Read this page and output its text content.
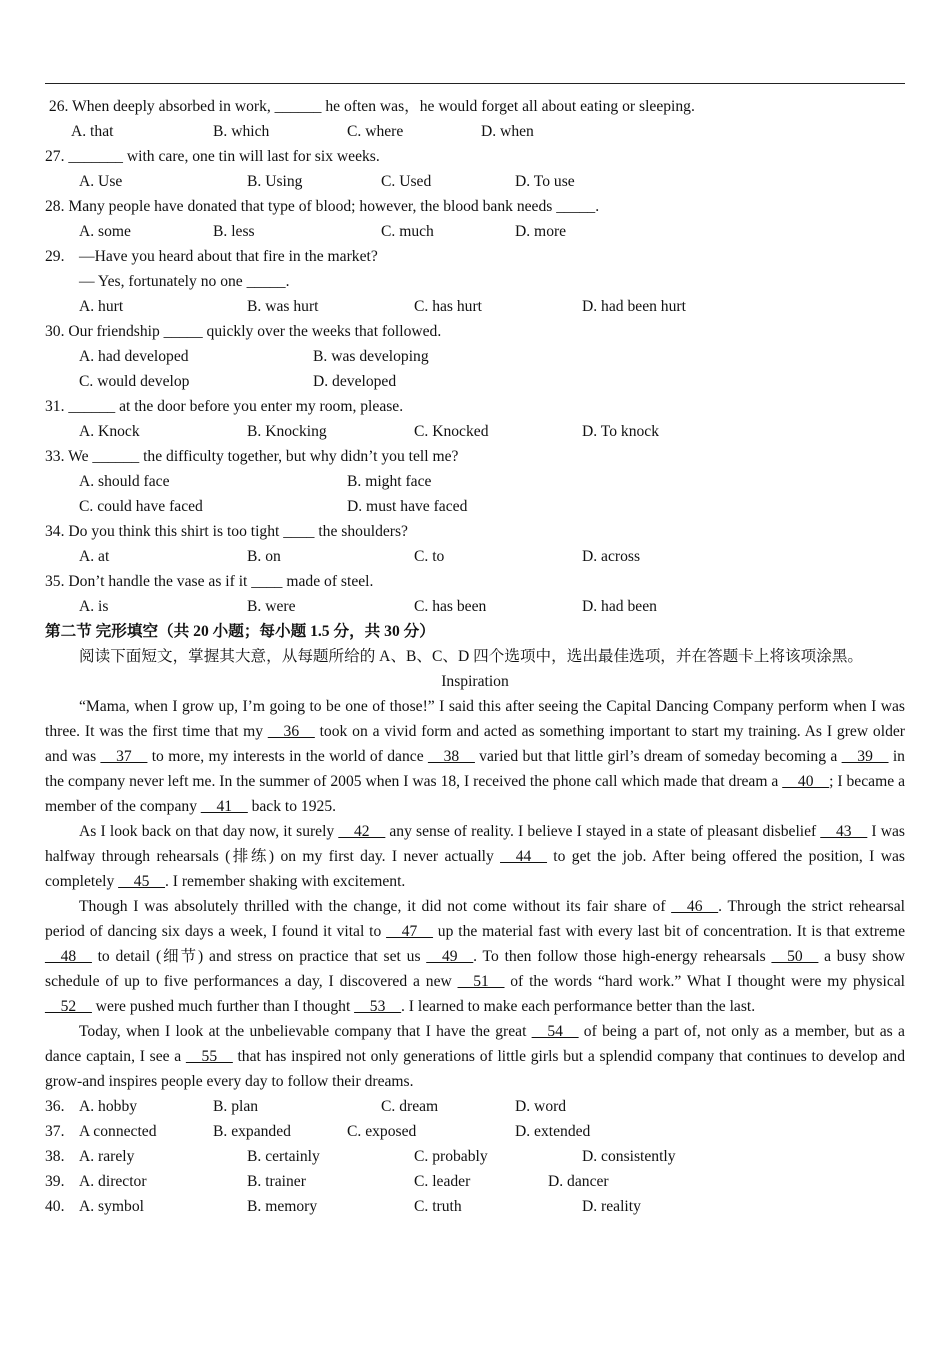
26. When deeply absorbed in work, ______ he often was，he would forget all about eating or sleeping.

A. that

	B. which

	C. where

	D. when

27. _______ with care, one tin will last for six weeks.

A. Use

	B. Using

	C. Used

	D. To use

28. Many people have donated that type of blood; however, the blood bank needs _____.

A. some

	B. less

	C. much

	D. more

29.

—Have you heard about that fire in the market?

— Yes, fortunately no one _____.

A. hurt

	B. was hurt

	C. has hurt

	D. had been hurt

30. Our friendship _____ quickly over the weeks that followed.

A. had developed

	B. was developing

C. would develop

	D. developed

31. ______ at the door before you enter my room, please.

A. Knock

	B. Knocking

	C. Knocked

	D. To knock

33. We ______ the difficulty together, but why didn’t you tell me?

A. should face

	B. might face

C. could have faced

	D. must have faced

34. Do you think this shirt is too tight ____ the shoulders?

A. at

	B. on

	C. to

	D. across

35. Don’t handle the vase as if it ____ made of steel.

A. is

	B. were

	C. has been

	D. had been

第二节 完形填空（共 20 小题；每小题 1.5 分，共 30 分）
阅读下面短文，掌握其大意，从每题所给的 A、B、C、D 四个选项中，选出最佳选项，并在答题卡上将该项涂黑。
Inspiration

“Mama, when I grow up, I’m going to be one of those!” I said this after seeing the Capital Dancing Company perform when I was three. It was the first time that my __36__ took on a vivid form and acted as something important to start my training. As I grew older and was __37__ to more, my interests in the world of dance __38__ varied but that little girl’s dream of someday becoming a __39__ in the company never left me. In the summer of 2005 when I was 18, I received the phone call which made that dream a __40__; I became a member of the company __41__ back to 1925.

As I look back on that day now, it surely __42__ any sense of reality. I believe I stayed in a state of pleasant disbelief __43__ I was halfway through rehearsals (排练) on my first day. I never actually __44__ to get the job. After being offered the position, I was completely __45__. I remember shaking with excitement.

Though I was absolutely thrilled with the change, it did not come without its fair share of __46__. Through the strict rehearsal period of dancing six days a week, I found it vital to __47__ up the material fast with every last bit of concentration. It is that extreme __48__ to detail (细节) and stress on practice that set us __49__. To then follow those high-energy rehearsals __50__ a busy show schedule of up to five performances a day, I discovered a new __51__ of the words “hard work.” What I thought were my physical __52__ were pushed much further than I thought __53__. I learned to make each performance better than the last.

Today, when I look at the unbelievable company that I have the great __54__ of being a part of, not only as a member, but as a dance captain, I see a __55__ that has inspired not only generations of little girls but a splendid company that continues to develop and grow-and inspires people every day to follow their dreams.

36.

A. hobby

	B. plan

	C. dream

	D. word

37.

A connected

	B. expanded

	C. exposed

	D. extended

38.

A. rarely

	B. certainly

	C. probably

	D. consistently

39.

A. director

	B. trainer

	C. leader

	D. dancer

40.

A. symbol

	B. memory

	C. truth

	D. reality
